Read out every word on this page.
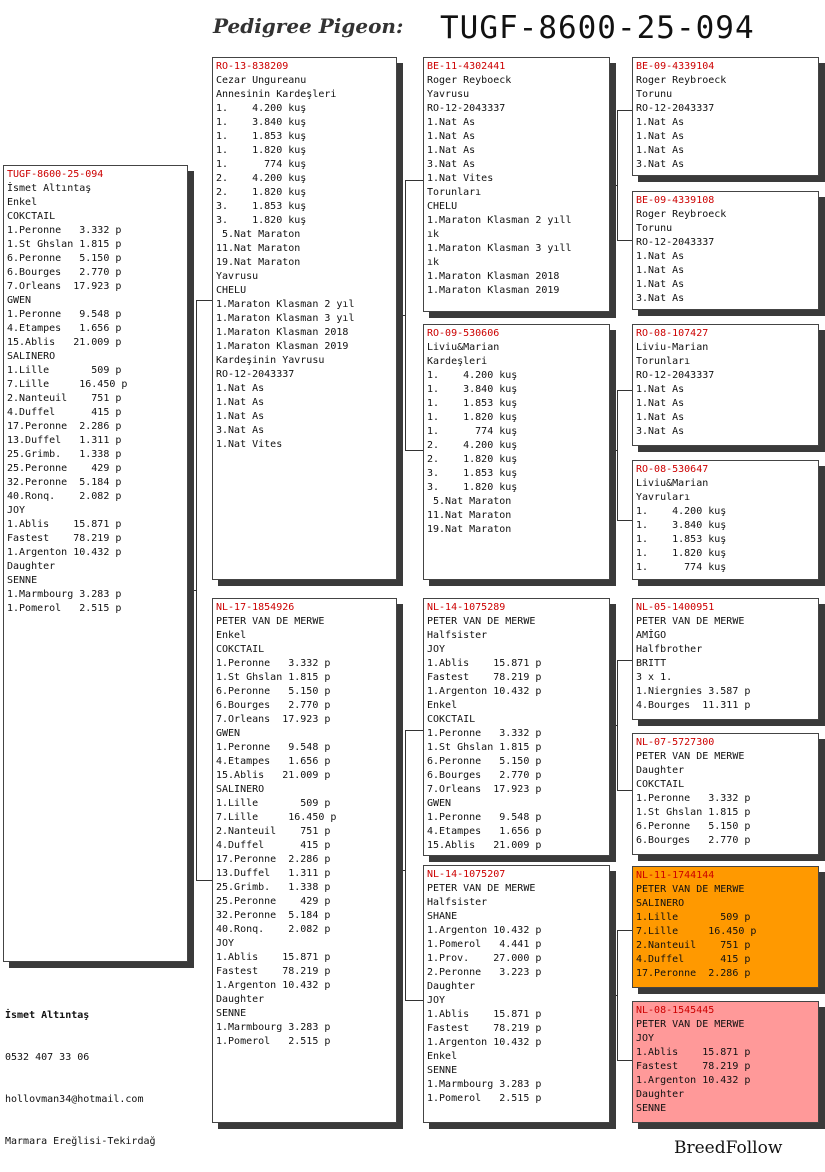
Pedigree Pigeon: TUGF-8600-25-094
TUGF-8600-25-094
İsmet Altıntaş
Enkel
COKCTAIL
1.Peronne   3.332 p
1.St Ghslan 1.815 p
6.Peronne   5.150 p
6.Bourges   2.770 p
7.Orleans  17.923 p
GWEN
1.Peronne   9.548 p
4.Etampes   1.656 p
15.Ablis   21.009 p
SALINERO
1.Lille       509 p
7.Lille     16.450 p
2.Nanteuil    751 p
4.Duffel      415 p
17.Peronne  2.286 p
13.Duffel   1.311 p
25.Grimb.   1.338 p
25.Peronne    429 p
32.Peronne  5.184 p
40.Ronq.    2.082 p
JOY
1.Ablis    15.871 p
Fastest    78.219 p
1.Argenton 10.432 p
Daughter
SENNE
1.Marmbourg 3.283 p
1.Pomerol   2.515 p
RO-13-838209
Cezar Ungureanu
Annesinin Kardeşleri
1.    4.200 kuş
1.    3.840 kuş
1.    1.853 kuş
1.    1.820 kuş
1.      774 kuş
2.    4.200 kuş
2.    1.820 kuş
3.    1.853 kuş
3.    1.820 kuş
5.Nat Maraton
11.Nat Maraton
19.Nat Maraton
Yavrusu
CHELU
1.Maraton Klasman 2 yıl
1.Maraton Klasman 3 yıl
1.Maraton Klasman 2018
1.Maraton Klasman 2019
Kardeşinin Yavrusu
RO-12-2043337
1.Nat As
1.Nat As
1.Nat As
3.Nat As
1.Nat Vites
NL-17-1854926
PETER VAN DE MERWE
Enkel
COKCTAIL
1.Peronne   3.332 p
1.St Ghslan 1.815 p
6.Peronne   5.150 p
6.Bourges   2.770 p
7.Orleans  17.923 p
GWEN
1.Peronne   9.548 p
4.Etampes   1.656 p
15.Ablis   21.009 p
SALINERO
1.Lille       509 p
7.Lille     16.450 p
2.Nanteuil    751 p
4.Duffel      415 p
17.Peronne  2.286 p
13.Duffel   1.311 p
25.Grimb.   1.338 p
25.Peronne    429 p
32.Peronne  5.184 p
40.Ronq.    2.082 p
JOY
1.Ablis    15.871 p
Fastest    78.219 p
1.Argenton 10.432 p
Daughter
SENNE
1.Marmbourg 3.283 p
1.Pomerol   2.515 p
BE-11-4302441
Roger Reyboeck
Yavrusu
RO-12-2043337
1.Nat As
1.Nat As
1.Nat As
3.Nat As
1.Nat Vites
Torunları
CHELU
1.Maraton Klasman 2 yıll
ık
1.Maraton Klasman 3 yıll
ık
1.Maraton Klasman 2018
1.Maraton Klasman 2019
RO-09-530606
Liviu&Marian
Kardeşleri
1.    4.200 kuş
1.    3.840 kuş
1.    1.853 kuş
1.    1.820 kuş
1.      774 kuş
2.    4.200 kuş
2.    1.820 kuş
3.    1.853 kuş
3.    1.820 kuş
5.Nat Maraton
11.Nat Maraton
19.Nat Maraton
NL-14-1075289
PETER VAN DE MERWE
Halfsister
JOY
1.Ablis    15.871 p
Fastest    78.219 p
1.Argenton 10.432 p
Enkel
COKCTAIL
1.Peronne   3.332 p
1.St Ghslan 1.815 p
6.Peronne   5.150 p
6.Bourges   2.770 p
7.Orleans  17.923 p
GWEN
1.Peronne   9.548 p
4.Etampes   1.656 p
15.Ablis   21.009 p
NL-14-1075207
PETER VAN DE MERWE
Halfsister
SHANE
1.Argenton 10.432 p
1.Pomerol   4.441 p
1.Prov.    27.000 p
2.Peronne   3.223 p
Daughter
JOY
1.Ablis    15.871 p
Fastest    78.219 p
1.Argenton 10.432 p
Enkel
SENNE
1.Marmbourg 3.283 p
1.Pomerol   2.515 p
BE-09-4339104
Roger Reybroeck
Torunu
RO-12-2043337
1.Nat As
1.Nat As
1.Nat As
3.Nat As
BE-09-4339108
Roger Reybroeck
Torunu
RO-12-2043337
1.Nat As
1.Nat As
1.Nat As
3.Nat As
RO-08-107427
Liviu-Marian
Torunları
RO-12-2043337
1.Nat As
1.Nat As
1.Nat As
3.Nat As
RO-08-530647
Liviu&Marian
Yavruları
1.    4.200 kuş
1.    3.840 kuş
1.    1.853 kuş
1.    1.820 kuş
1.      774 kuş
NL-05-1400951
PETER VAN DE MERWE
AMİGO
Halfbrother
BRITT
3 x 1.
1.Niergnies 3.587 p
4.Bourges  11.311 p
NL-07-5727300
PETER VAN DE MERWE
Daughter
COKCTAIL
1.Peronne   3.332 p
1.St Ghslan 1.815 p
6.Peronne   5.150 p
6.Bourges   2.770 p
NL-11-1744144
PETER VAN DE MERWE
SALINERO
1.Lille       509 p
7.Lille     16.450 p
2.Nanteuil    751 p
4.Duffel      415 p
17.Peronne  2.286 p
NL-08-1545445
PETER VAN DE MERWE
JOY
1.Ablis    15.871 p
Fastest    78.219 p
1.Argenton 10.432 p
Daughter
SENNE

İsmet Altıntaş

0532 407 33 06

hollovman34@hotmail.com

Marmara Ereğlisi-Tekirdağ	BreedFollow
